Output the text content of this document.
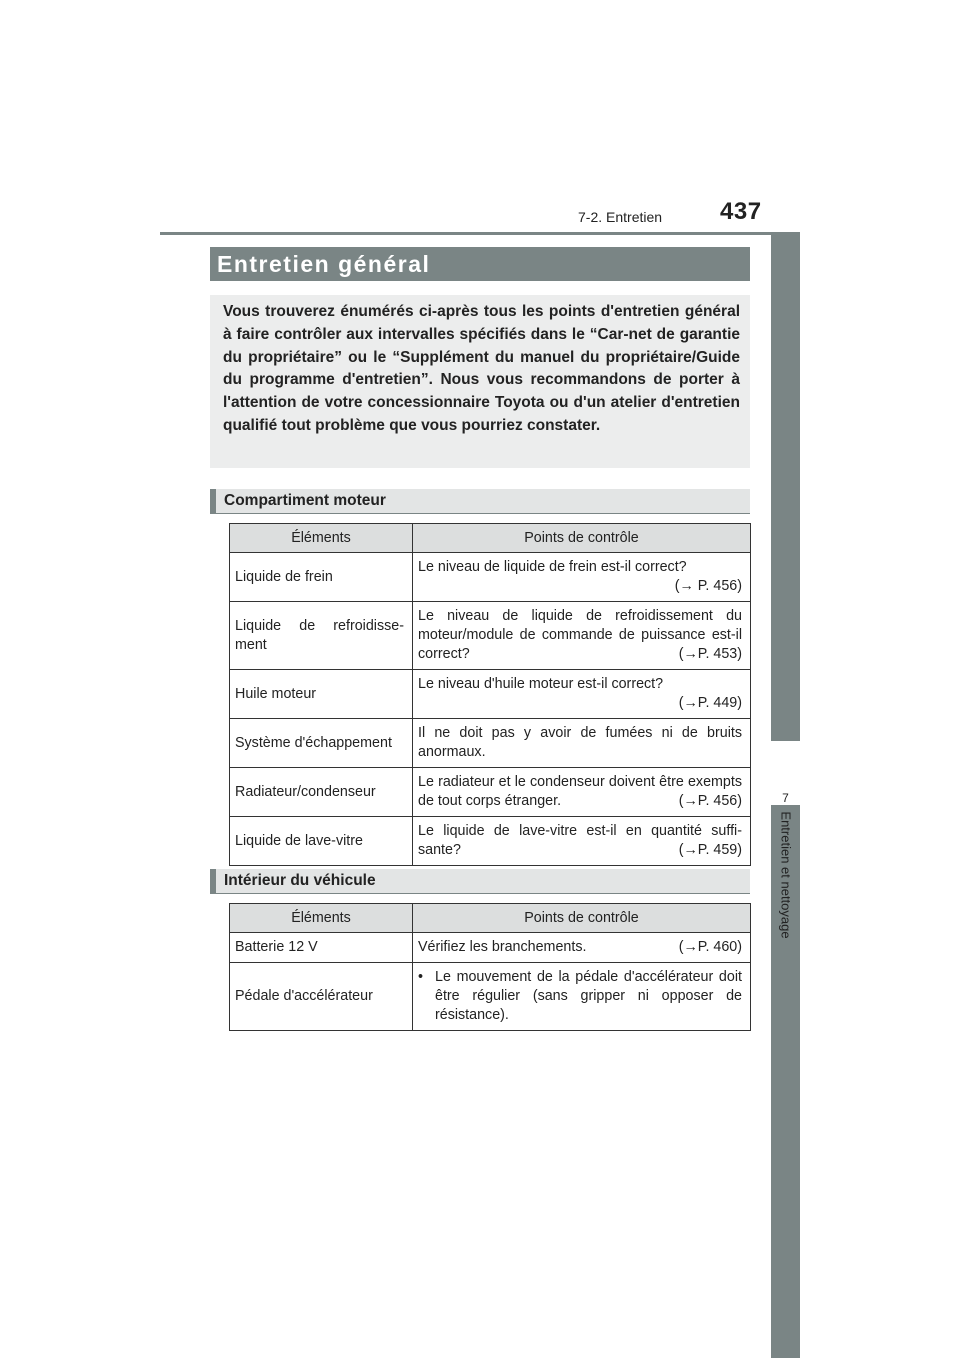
7-2. Entretien 437
7
Entretien et nettoyage
Entretien général

Vous trouverez énumérés ci-après tous les points d'entretien général à faire contrôler aux intervalles spécifiés dans le “Car-net de garantie du propriétaire” ou le “Supplément du manuel du propriétaire/Guide du programme d'entretien”. Nous vous recommandons de porter à l'attention de votre concessionnaire Toyota ou d'un atelier d'entretien qualifié tout problème que vous pourriez constater.

Compartiment moteur
Éléments	Points de contrôle
Liquide de frein	Le niveau de liquide de frein est-il correct?
(→ P. 456)

Liquide de refroidisse-ment	Le niveau de liquide de refroidissement du moteur/module de commande de puissance est-il correct? (→P. 453)

Huile moteur	Le niveau d'huile moteur est-il correct?
(→P. 449)

Système d'échappement	Il ne doit pas y avoir de fumées ni de bruits anormaux.
Radiateur/condenseur	Le radiateur et le condenseur doivent être exempts de tout corps étranger. (→P. 456)

Liquide de lave-vitre	Le liquide de lave-vitre est-il en quantité suffi-sante? (→P. 459)
Intérieur du véhicule
Éléments	Points de contrôle
Batterie 12 V	Vérifiez les branchements. (→P. 460)

Pédale d'accélérateur	• Le mouvement de la pédale d'accélérateur doit être régulier (sans gripper ni opposer de résistance).
